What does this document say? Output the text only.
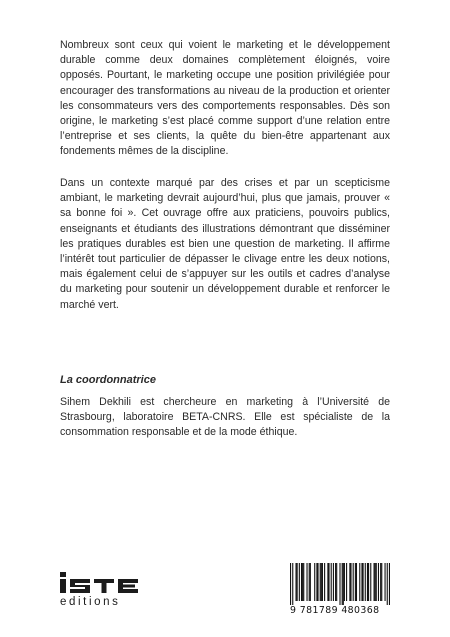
Nombreux sont ceux qui voient le marketing et le développement durable comme deux domaines complètement éloignés, voire opposés. Pourtant, le marketing occupe une position privilégiée pour encourager des transformations au niveau de la production et orienter les consommateurs vers des comportements responsables. Dès son origine, le marketing s’est placé comme support d’une relation entre l’entreprise et ses clients, la quête du bien-être appartenant aux fondements mêmes de la discipline.

Dans un contexte marqué par des crises et par un scepticisme ambiant, le marketing devrait aujourd’hui, plus que jamais, prouver « sa bonne foi ». Cet ouvrage offre aux praticiens, pouvoirs publics, enseignants et étudiants des illustrations démontrant que disséminer les pratiques durables est bien une question de marketing. Il affirme l’intérêt tout particulier de dépasser le clivage entre les deux notions, mais également celui de s’appuyer sur les outils et cadres d’analyse du marketing pour soutenir un développement durable et renforcer le marché vert.

La coordonnatrice

Sihem Dekhili est chercheure en marketing à l’Université de Strasbourg, laboratoire BETA-CNRS. Elle est spécialiste de la consommation responsable et de la mode éthique.

editions
9 781789 480368
